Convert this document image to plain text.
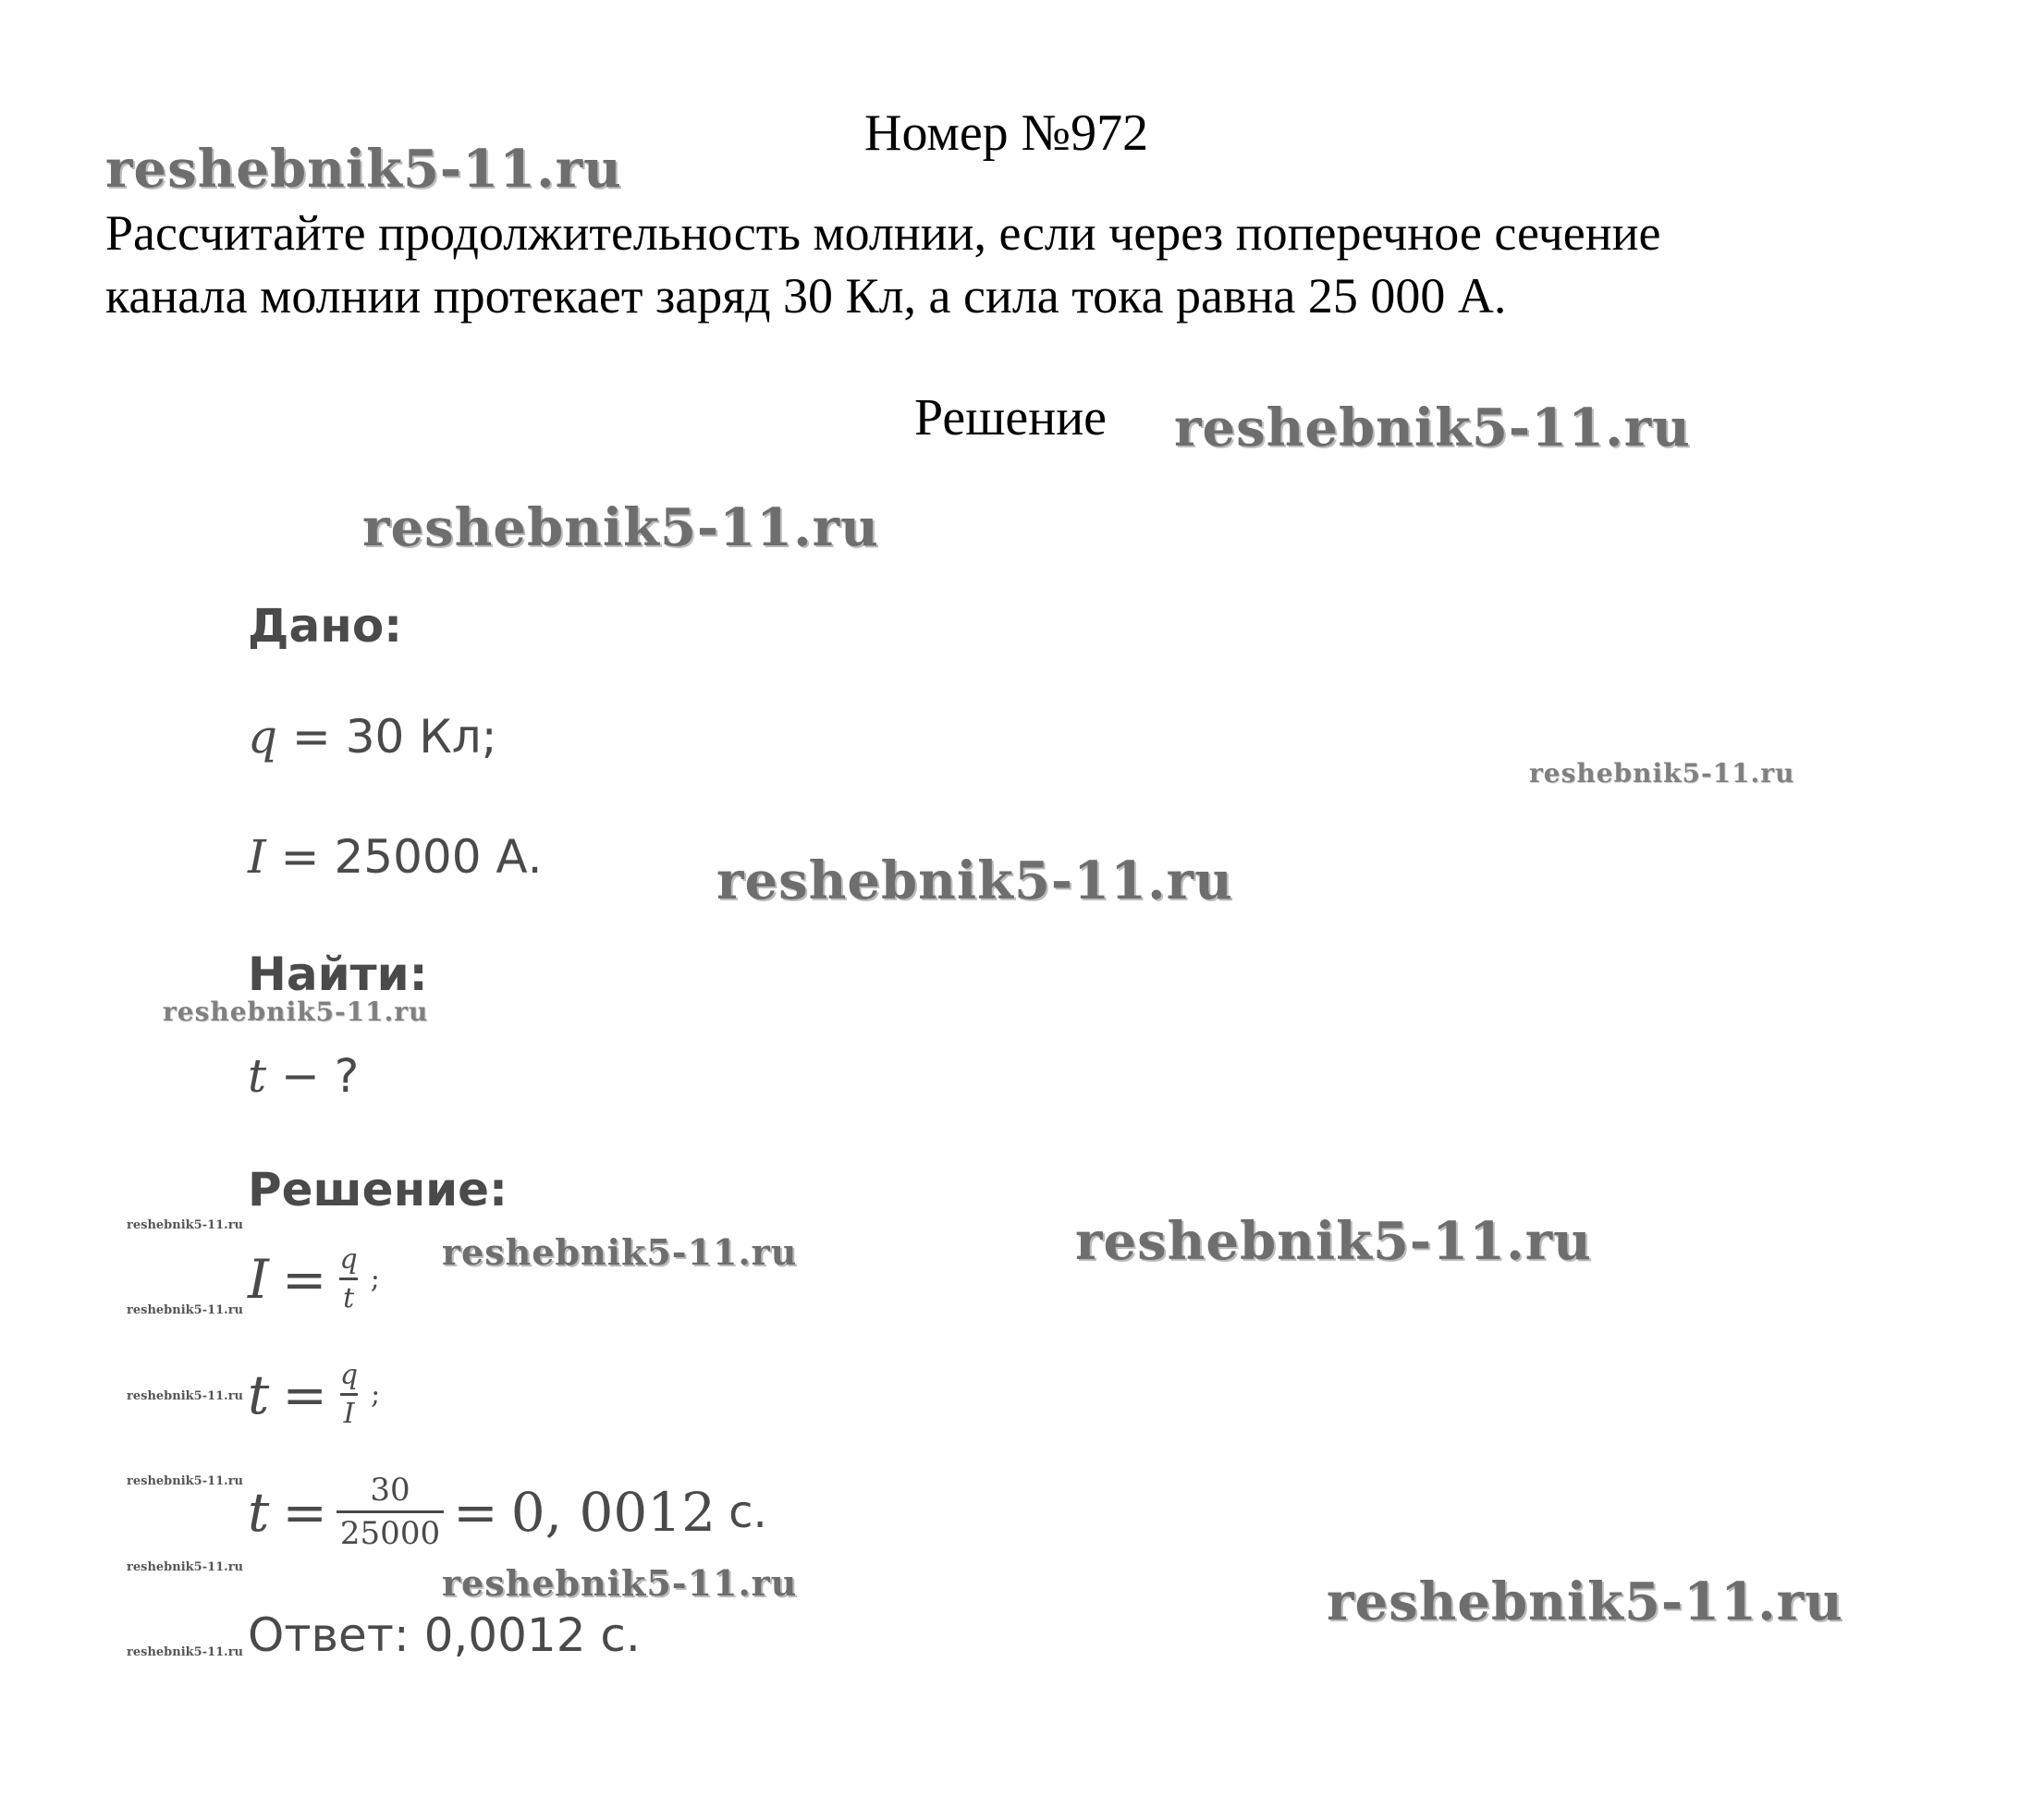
Номер №972
Рассчитайте продолжительность молнии, если через поперечное сечение
канала молнии протекает заряд 30 Кл, а сила тока равна 25 000 А.
Решение
Дано:
q = 30 Кл;
I = 25000 А.
Найти:
t − ?
Решение:
$I = \frac{q}{t}$ ;
$t = \frac{q}{I}$ ;
$t = \frac{30}{25000} = 0$, 0012 с.
Ответ: 0,0012 с.
reshebnik5-11.ru
reshebnik5-11.ru
reshebnik5-11.ru
reshebnik5-11.ru
reshebnik5-11.ru
reshebnik5-11.ru
reshebnik5-11.ru	reshebnik5-11.ru
reshebnik5-11.ru	reshebnik5-11.ru
reshebnik5-11.ru
reshebnik5-11.ru
reshebnik5-11.ru
reshebnik5-11.ru
reshebnik5-11.ru
reshebnik5-11.ru
